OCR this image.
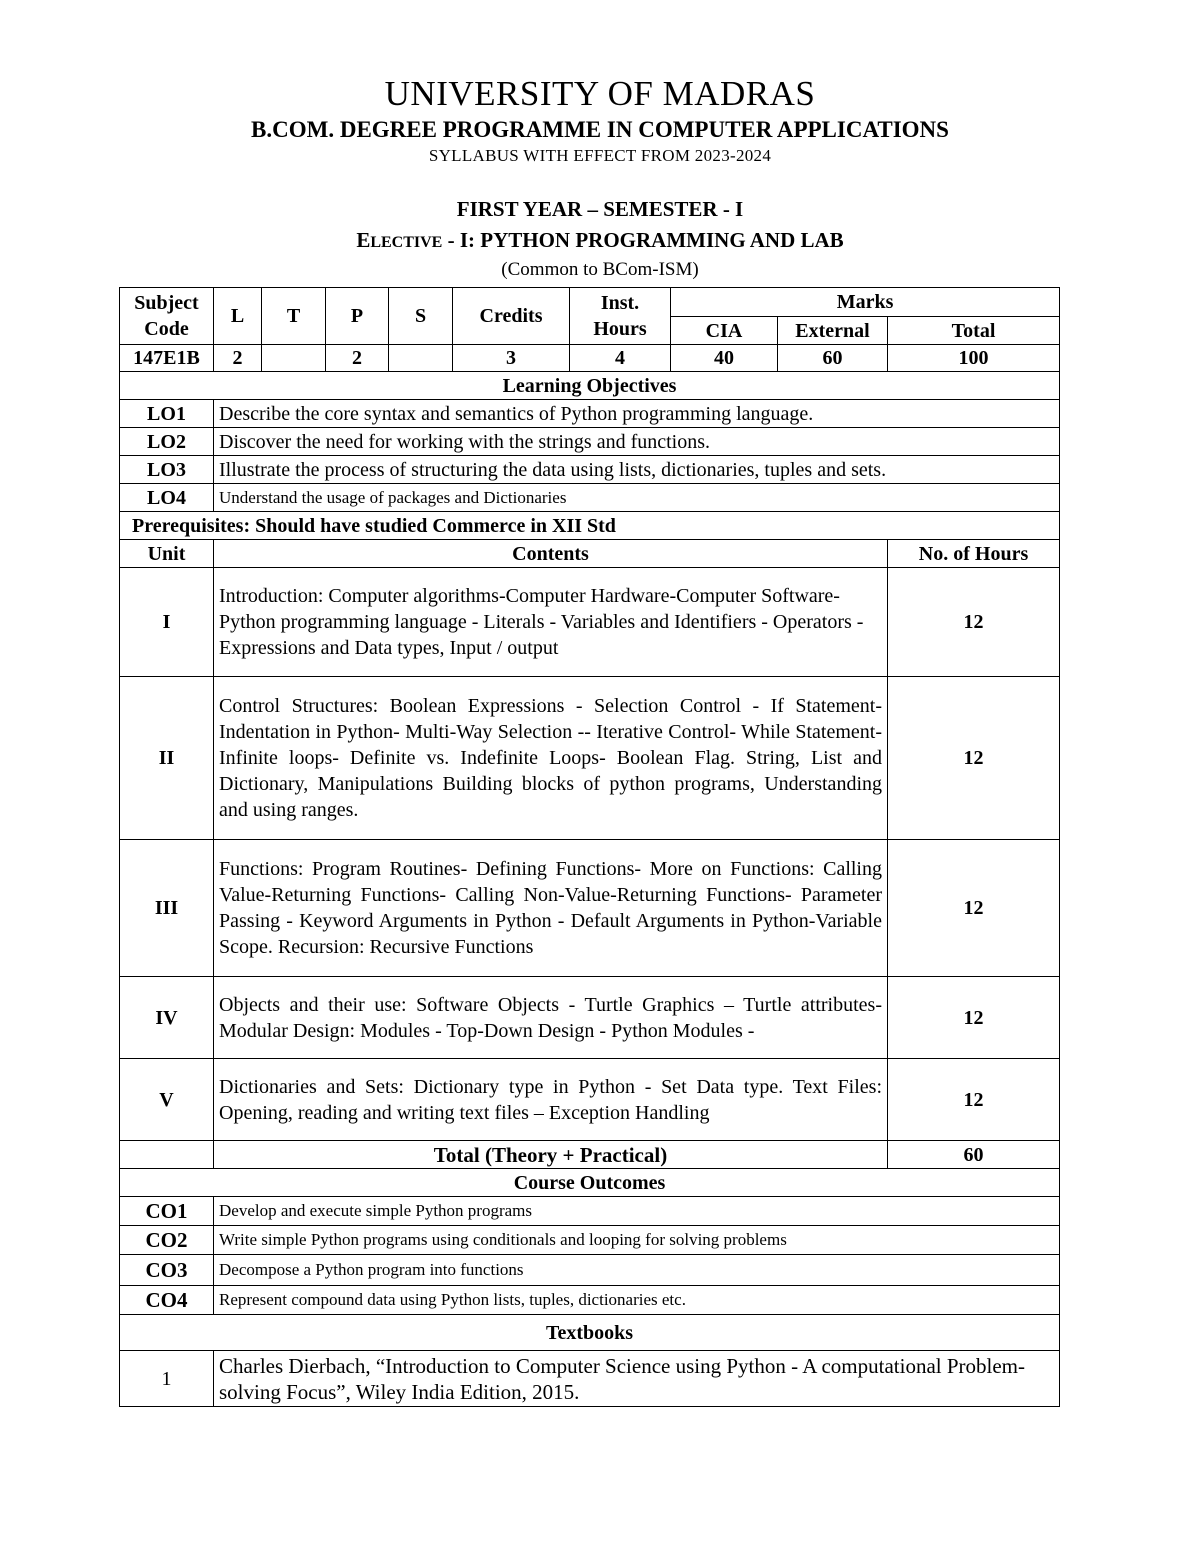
UNIVERSITY OF MADRAS
B.COM. DEGREE PROGRAMME IN COMPUTER APPLICATIONS
SYLLABUS WITH EFFECT FROM 2023-2024
FIRST YEAR – SEMESTER - I
ELECTIVE - I: PYTHON PROGRAMMING AND LAB
(Common to BCom-ISM)
Subject Code	L	T	P	S	Credits	Inst. Hours	Marks		
							CIA	External	Total
147E1B	2		2		3	4	40	60	100
Learning Objectives									
LO1	Describe the core syntax and semantics of Python programming language.								
LO2	Discover the need for working with the strings and functions.								
LO3	Illustrate the process of structuring the data using lists, dictionaries, tuples and sets.								
LO4	Understand the usage of packages and Dictionaries								
Prerequisites: Should have studied Commerce in XII Std									
Unit	Contents								No. of Hours
I	Introduction: Computer algorithms-Computer Hardware-Computer Software-Python programming language - Literals - Variables and Identifiers - Operators - Expressions and Data types, Input / output								12
II	Control Structures: Boolean Expressions - Selection Control - If Statement- Indentation in Python- Multi-Way Selection -- Iterative Control- While Statement- Infinite loops- Definite vs. Indefinite Loops- Boolean Flag. String, List and Dictionary, Manipulations Building blocks of python programs, Understanding and using ranges.								12
III	Functions: Program Routines- Defining Functions- More on Functions: Calling Value-Returning Functions- Calling Non-Value-Returning Functions- Parameter Passing - Keyword Arguments in Python - Default Arguments in Python-Variable Scope. Recursion: Recursive Functions								12
IV	Objects and their use: Software Objects - Turtle Graphics – Turtle attributes-Modular Design: Modules - Top-Down Design - Python Modules -								12
V	Dictionaries and Sets: Dictionary type in Python - Set Data type. Text Files: Opening, reading and writing text files – Exception Handling								12
	Total (Theory + Practical)								60
Course Outcomes									
CO1	Develop and execute simple Python programs								
CO2	Write simple Python programs using conditionals and looping for solving problems								
CO3	Decompose a Python program into functions								
CO4	Represent compound data using Python lists, tuples, dictionaries etc.								
Textbooks									
1	Charles Dierbach, “Introduction to Computer Science using Python - A computational Problem-solving Focus”, Wiley India Edition, 2015.								
